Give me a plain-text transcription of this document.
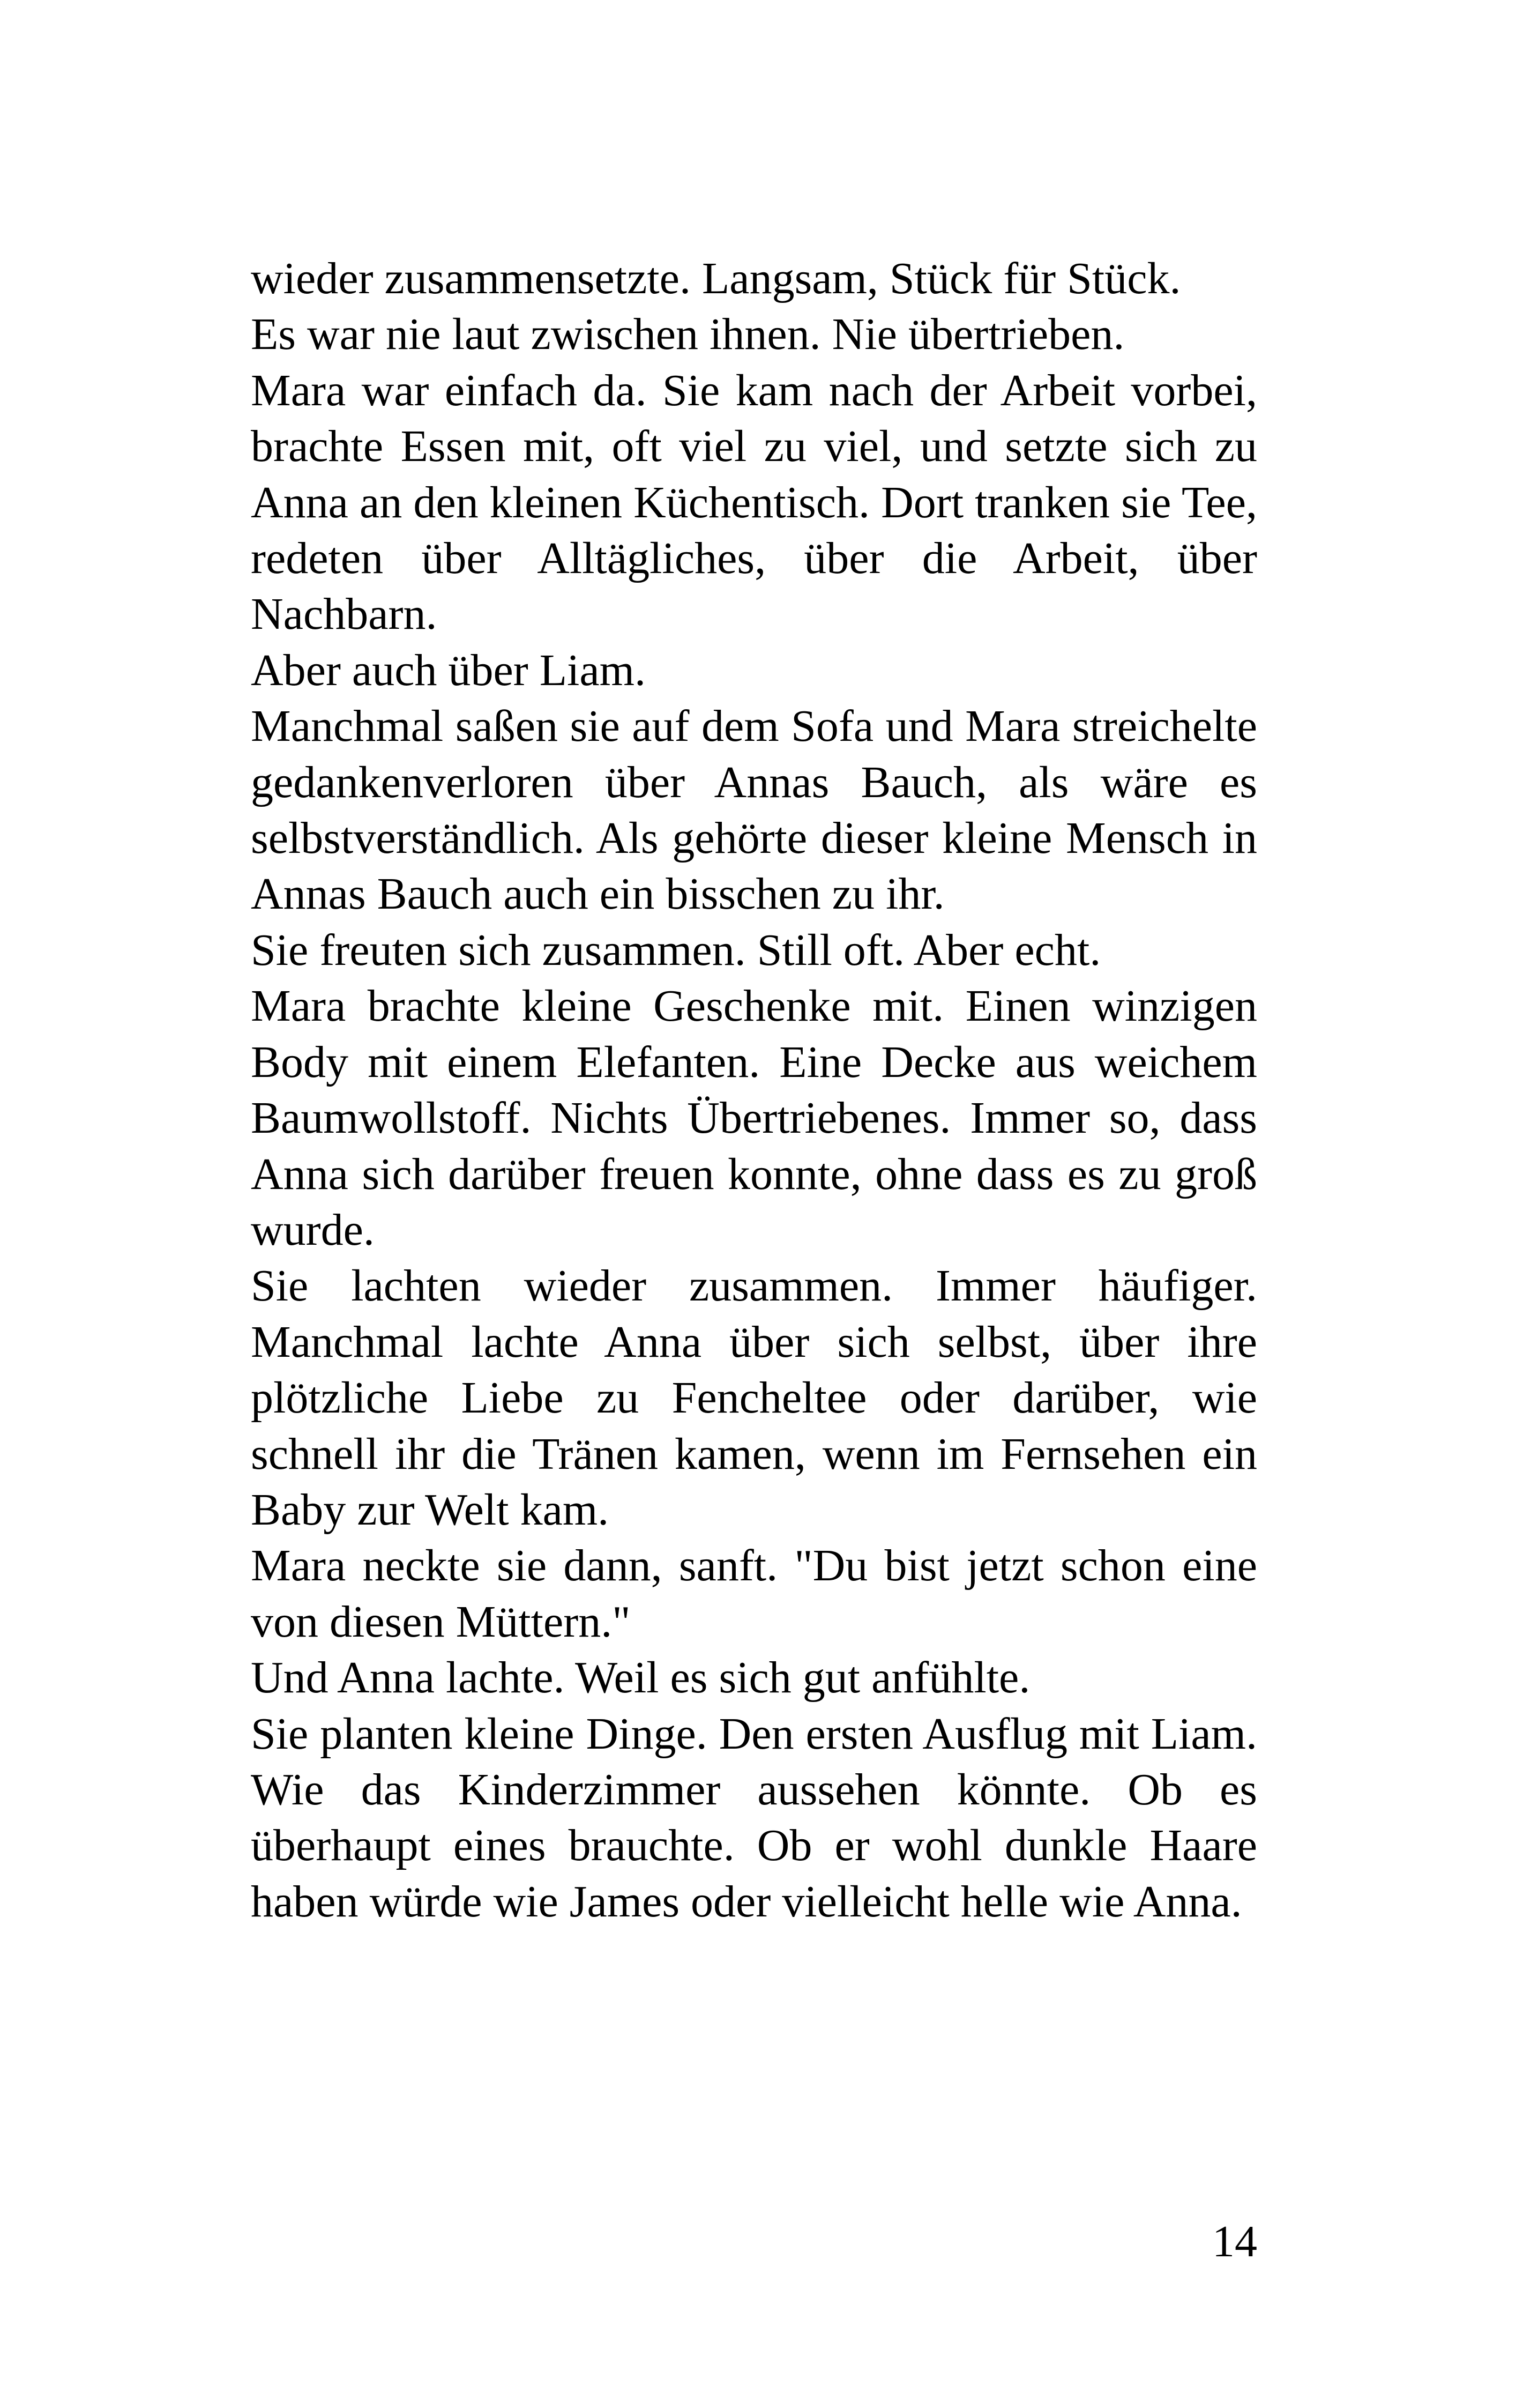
wieder zusammensetzte. Langsam, Stück für Stück.

Es war nie laut zwischen ihnen. Nie übertrieben.

Mara war einfach da. Sie kam nach der Arbeit vorbei, brachte Essen mit, oft viel zu viel, und setzte sich zu Anna an den kleinen Küchentisch. Dort tranken sie Tee, redeten über Alltägliches, über die Arbeit, über Nachbarn.

Aber auch über Liam.

Manchmal saßen sie auf dem Sofa und Mara streichelte gedankenverloren über Annas Bauch, als wäre es selbstverständlich. Als gehörte dieser kleine Mensch in Annas Bauch auch ein bisschen zu ihr.

Sie freuten sich zusammen. Still oft. Aber echt.

Mara brachte kleine Geschenke mit. Einen winzigen Body mit einem Elefanten. Eine Decke aus weichem Baumwollstoff. Nichts Übertriebenes. Immer so, dass Anna sich darüber freuen konnte, ohne dass es zu groß wurde.

Sie lachten wieder zusammen. Immer häufiger. Manchmal lachte Anna über sich selbst, über ihre plötzliche Liebe zu Fencheltee oder darüber, wie schnell ihr die Tränen kamen, wenn im Fernsehen ein Baby zur Welt kam.

Mara neckte sie dann, sanft. "Du bist jetzt schon eine von diesen Müttern."

Und Anna lachte. Weil es sich gut anfühlte.

Sie planten kleine Dinge. Den ersten Ausflug mit Liam. Wie das Kinderzimmer aussehen könnte. Ob es überhaupt eines brauchte. Ob er wohl dunkle Haare haben würde wie James oder vielleicht helle wie Anna.

14
